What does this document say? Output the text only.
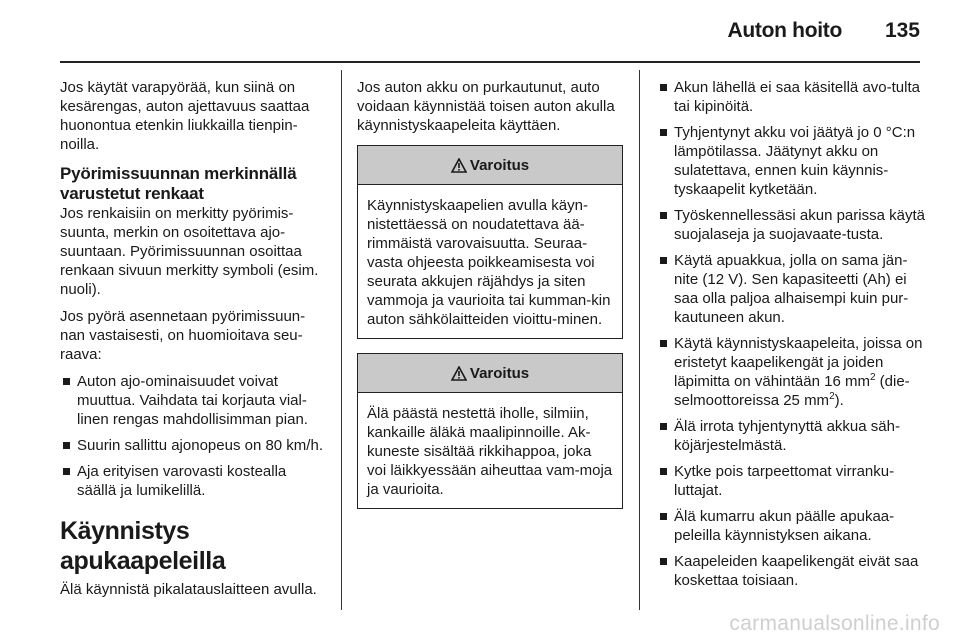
Auton hoito 135

Jos käytät varapyörää, kun siinä on kesärengas, auton ajettavuus saattaa huonontua etenkin liukkailla tienpin-noilla.

Pyörimissuunnan merkinnällä varustetut renkaat

Jos renkaisiin on merkitty pyörimis-suunta, merkin on osoitettava ajo-suuntaan. Pyörimissuunnan osoittaa renkaan sivuun merkitty symboli (esim. nuoli).

Jos pyörä asennetaan pyörimissuun-nan vastaisesti, on huomioitava seu-raava:

Auton ajo-ominaisuudet voivat muuttua. Vaihdata tai korjauta vial-linen rengas mahdollisimman pian.
Suurin sallittu ajonopeus on 80 km/h.
Aja erityisen varovasti kostealla säällä ja lumikelillä.
Käynnistys apukaapeleilla

Älä käynnistä pikalatauslaitteen avulla.

Jos auton akku on purkautunut, auto voidaan käynnistää toisen auton akulla käynnistyskaapeleita käyttäen.

Varoitus
Käynnistyskaapelien avulla käyn-nistettäessä on noudatettava ää-rimmäistä varovaisuutta. Seuraa-vasta ohjeesta poikkeamisesta voi seurata akkujen räjähdys ja siten vammoja ja vaurioita tai kumman-kin auton sähkölaitteiden vioittu-minen.
Varoitus
Älä päästä nestettä iholle, silmiin, kankaille äläkä maalipinnoille. Ak-kuneste sisältää rikkihappoa, joka voi läikkyessään aiheuttaa vam-moja ja vaurioita.
Akun lähellä ei saa käsitellä avo-tulta tai kipinöitä.
Tyhjentynyt akku voi jäätyä jo 0 °C:n lämpötilassa. Jäätynyt akku on sulatettava, ennen kuin käynnis-tyskaapelit kytketään.
Työskennellessäsi akun parissa käytä suojalaseja ja suojavaate-tusta.
Käytä apuakkua, jolla on sama jän-nite (12 V). Sen kapasiteetti (Ah) ei saa olla paljoa alhaisempi kuin pur-kautuneen akun.
Käytä käynnistyskaapeleita, joissa on eristetyt kaapelikengät ja joiden läpimitta on vähintään 16 $mm^2$ (die-selmoottoreissa 25 $mm^2$).
Älä irrota tyhjentynyttä akkua säh-köjärjestelmästä.
Kytke pois tarpeettomat virranku-luttajat.
Älä kumarru akun päälle apukaa-peleilla käynnistyksen aikana.
Kaapeleiden kaapelikengät eivät saa koskettaa toisiaan.
carmanualsonline.info
